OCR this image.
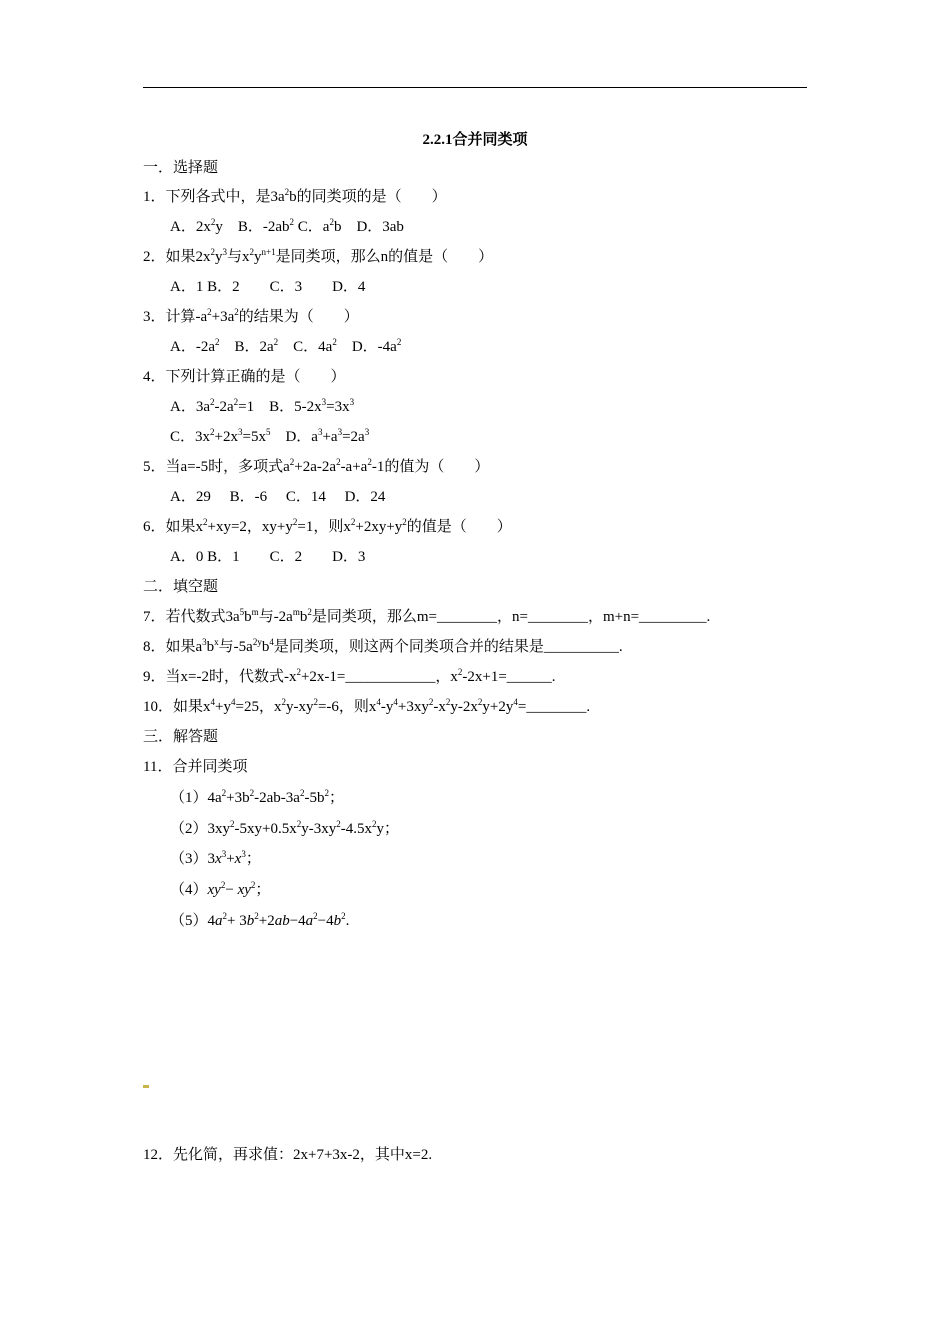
2.2.1合并同类项
一．选择题
1．下列各式中，是$3a^2b$的同类项的是（　　）
A．$2x^2y$　B．$-2ab^2$ C．$a^2b$　D．3ab
2．如果$2x^2y^3$与$x^2y^{n+1}$是同类项，那么n的值是（　　）
A．1 B．2　　C．3　　D．4
3．计算$-a^2+3a^2$的结果为（　　）
A．$-2a^2$　B．$2a^2$　C．$4a^2$　D．$-4a^2$
4．下列计算正确的是（　　）
A．$3a^2-2a^2=1$　B．$5-2x^3=3x^3$
C．$3x^2+2x^3=5x^5$　D．$a^3+a^3=2a^3$
5．当a=-5时，多项式$a^2+2a-2a^2-a+a^2-1$的值为（　　）
A．29　 B．-6　 C．14　 D．24
6．如果$x^2+xy=2$，$xy+y^2=1$，则$x^2+2xy+y^2$的值是（　　）
A．0 B．1　　C．2　　D．3
二．填空题
7．若代数式$3a^5b^m$与$-2a^mb^2$是同类项，那么m=________，n=________，m+n=_________.
8．如果$a^3b^x$与$-5a^{2y}b^4$是同类项，则这两个同类项合并的结果是__________.
9．当x=-2时，代数式$-x^2+2x-1=\_\_\_\_\_\_\_\_\_\_\_\_$，$x^2-2x+1=\_\_\_\_\_\_$.
10．如果$x^4+y^4=25$，$x^2y-xy^2=-6$，则$x^4-y^4+3xy^2-x^2y-2x^2y+2y^4=\_\_\_\_\_\_\_\_$.
三．解答题
11．合并同类项
$(1)4a^2+3b^2-2ab-3a^2-5b^2$；
$(2)3xy^2-5xy+0.5x^2y-3xy^2-4.5x^2y$；
$(3)3x^3+x^3$；
$(4)xy^2- xy^2$；
$(5)4a^2+ 3b^2+2ab-4a^2-4b^2$.
12．先化简，再求值：2x+7+3x-2，其中x=2.
